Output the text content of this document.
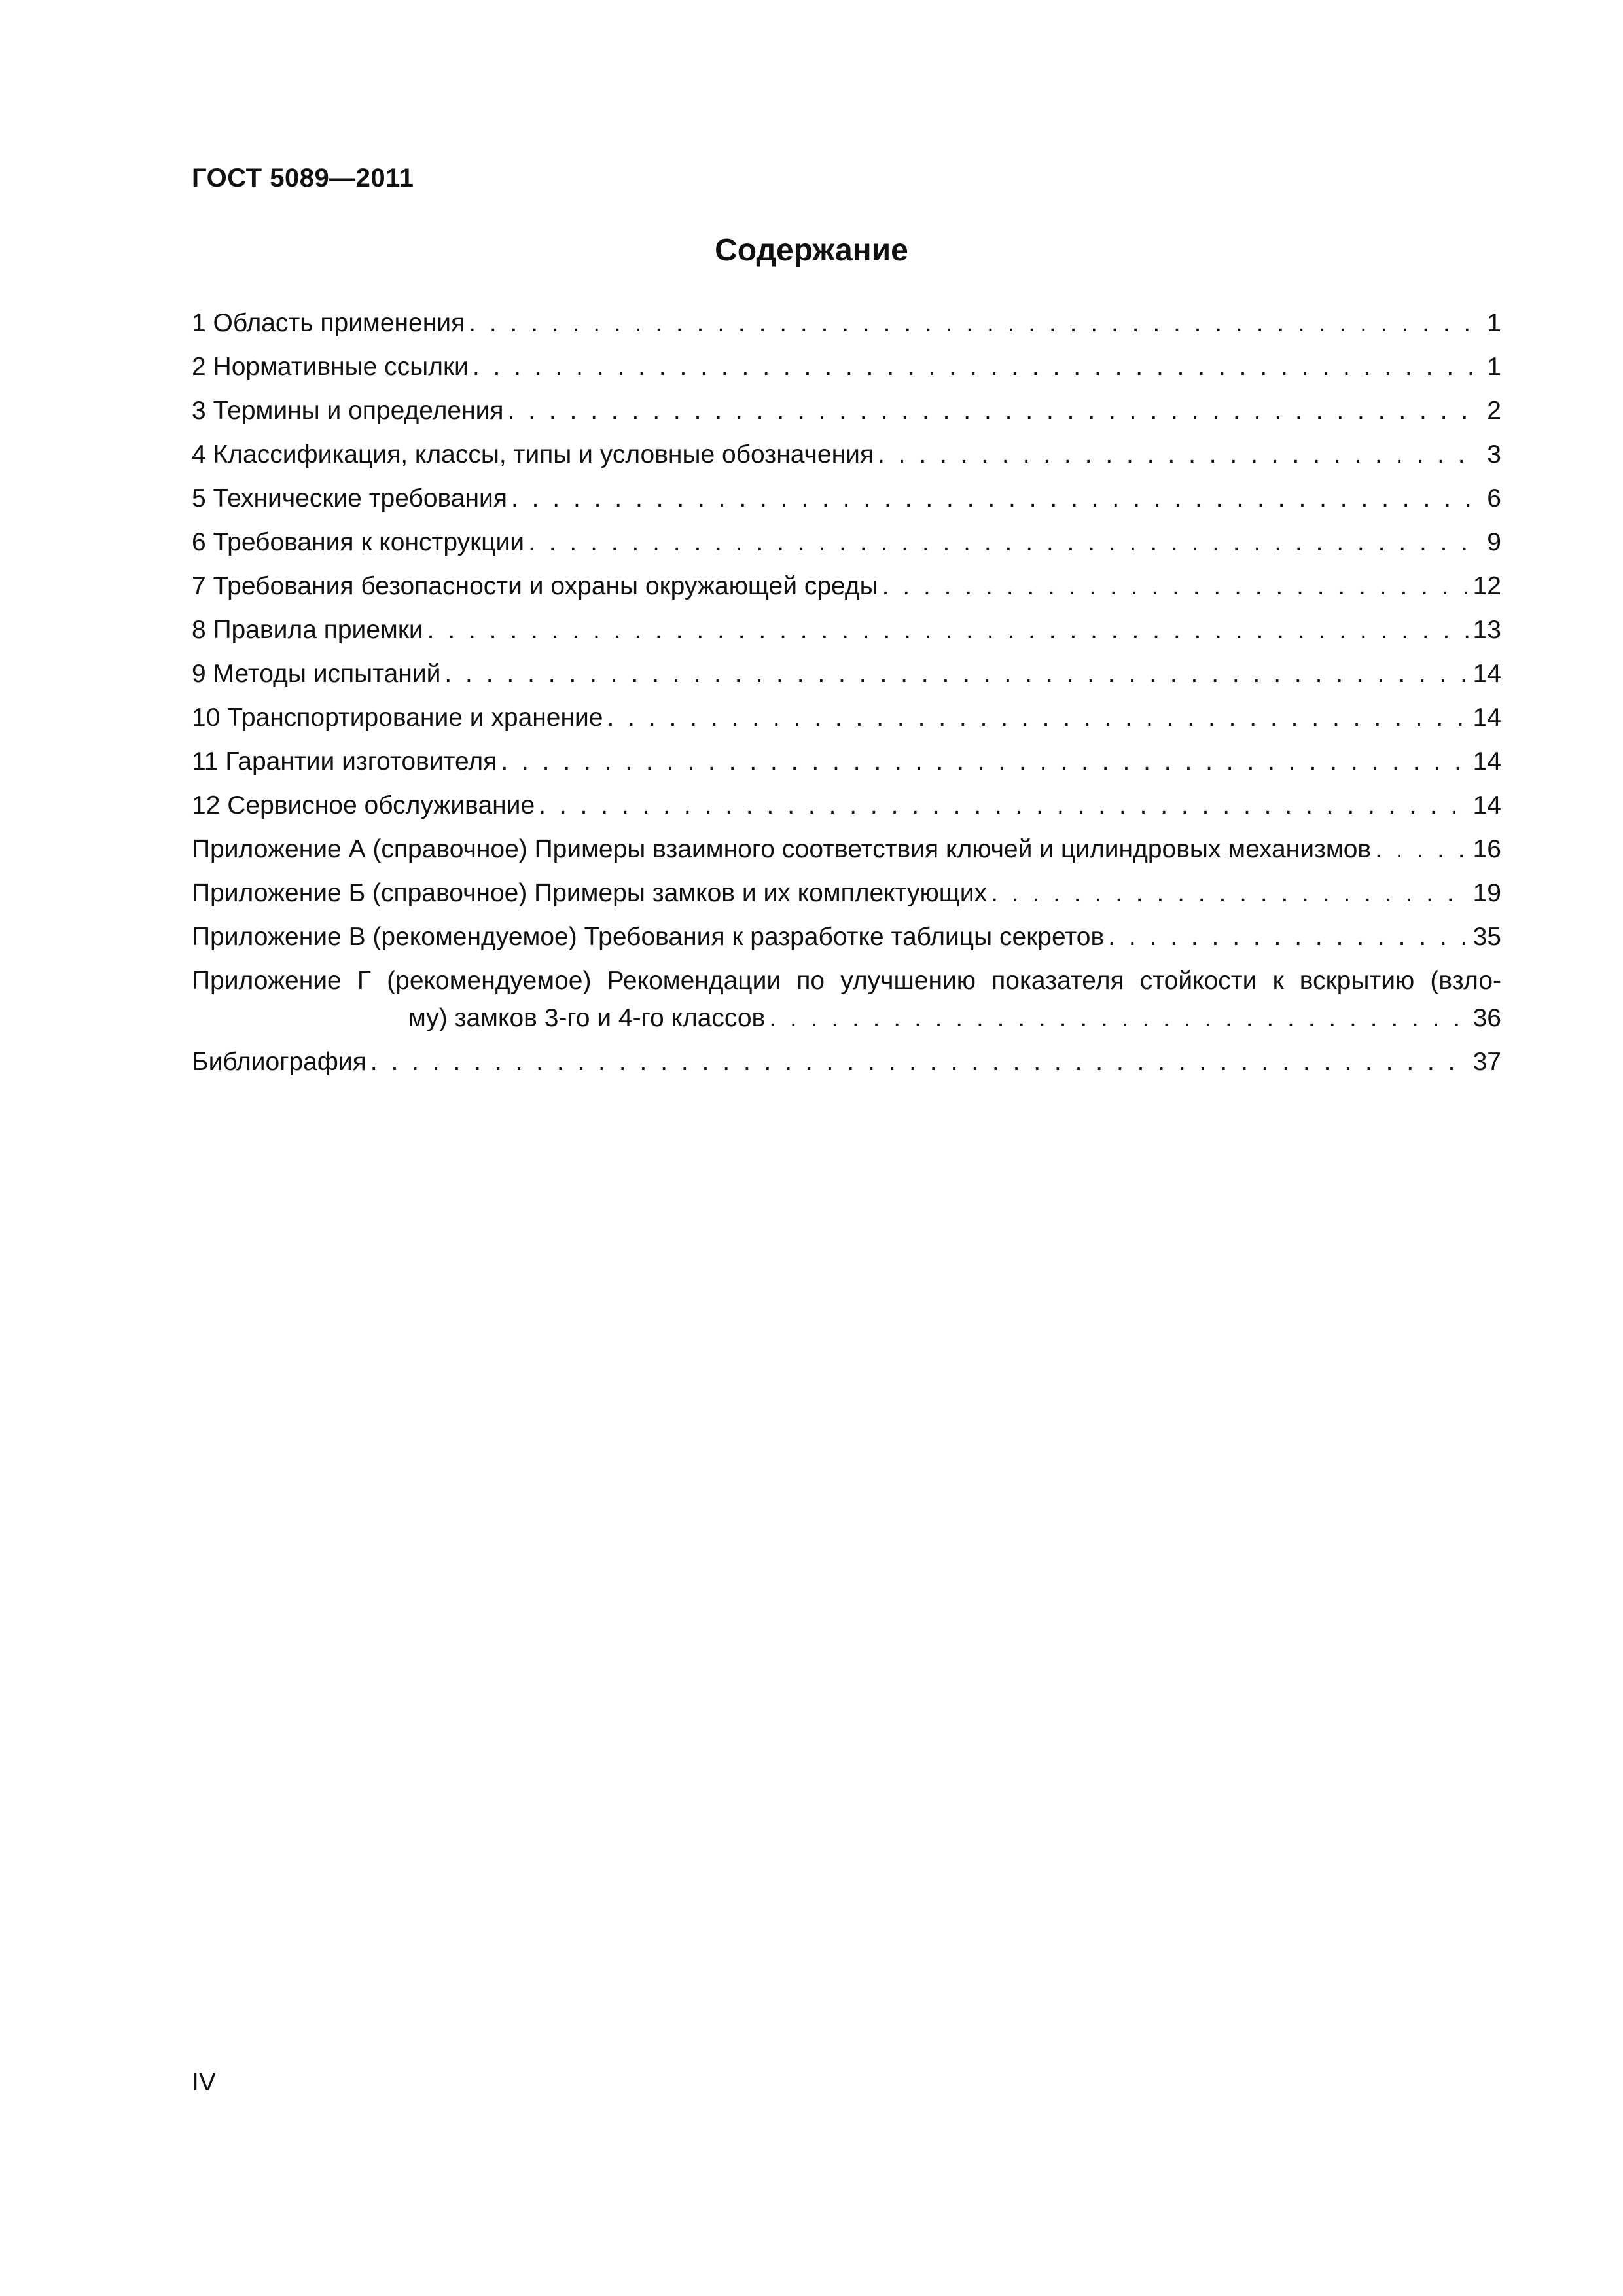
ГОСТ 5089—2011
Содержание
1 Область применения . . .	1
2 Нормативные ссылки . . .	1
3 Термины и определения . . .	2
4 Классификация, классы, типы и условные обозначения . . .	3
5 Технические требования . . .	6
6 Требования к конструкции . . .	9
7 Требования безопасности и охраны окружающей среды . . .	12
8 Правила приемки . . .	13
9 Методы испытаний . . .	14
10 Транспортирование и хранение . . .	14
11 Гарантии изготовителя . . .	14
12 Сервисное обслуживание . . .	14
Приложение А (справочное) Примеры взаимного соответствия ключей и цилиндровых механизмов . . .	16
Приложение Б (справочное) Примеры замков и их комплектующих . . .	19
Приложение В (рекомендуемое) Требования к разработке таблицы секретов . . .	35
Приложение Г (рекомендуемое) Рекомендации по улучшению показателя стойкости к вскрытию (взло-
му) замков 3-го и 4-го классов . . .	36
Библиография . . .	37
IV
